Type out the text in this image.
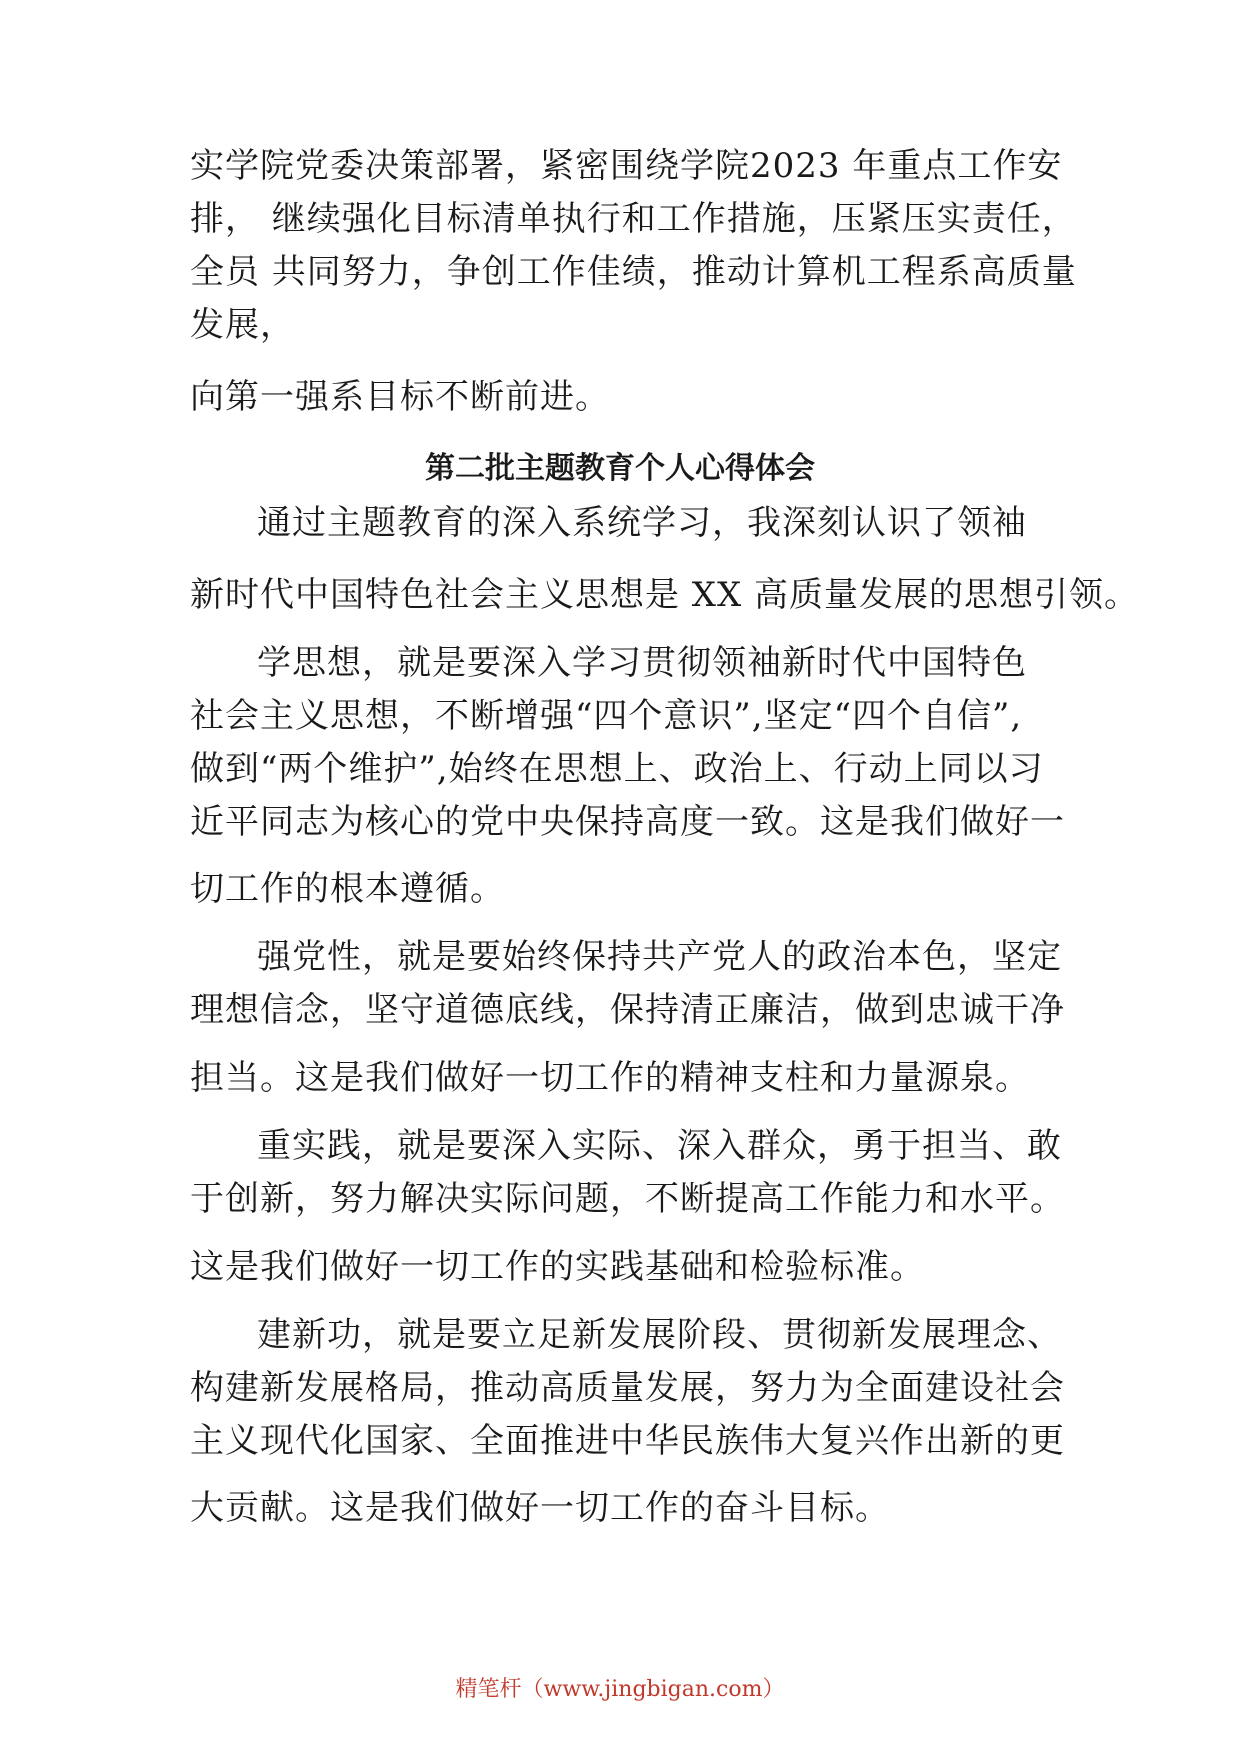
实学院党委决策部署，紧密围绕学院2023 年重点工作安
排， 继续强化目标清单执行和工作措施，压紧压实责任，
全员 共同努力，争创工作佳绩，推动计算机工程系高质量
发展，
向第一强系目标不断前进。
第二批主题教育个人心得体会
通过主题教育的深入系统学习，我深刻认识了领袖
新时代中国特色社会主义思想是 XX 高质量发展的思想引领。
学思想，就是要深入学习贯彻领袖新时代中国特色
社会主义思想，不断增强“四个意识”,坚定“四个自信”,
做到“两个维护”,始终在思想上、政治上、行动上同以习
近平同志为核心的党中央保持高度一致。这是我们做好一
切工作的根本遵循。
强党性，就是要始终保持共产党人的政治本色，坚定
理想信念，坚守道德底线，保持清正廉洁，做到忠诚干净
担当。这是我们做好一切工作的精神支柱和力量源泉。
重实践，就是要深入实际、深入群众，勇于担当、敢
于创新，努力解决实际问题，不断提高工作能力和水平。
这是我们做好一切工作的实践基础和检验标准。
建新功，就是要立足新发展阶段、贯彻新发展理念、
构建新发展格局，推动高质量发展，努力为全面建设社会
主义现代化国家、全面推进中华民族伟大复兴作出新的更
大贡献。这是我们做好一切工作的奋斗目标。
精笔杆（www.jingbigan.com）
